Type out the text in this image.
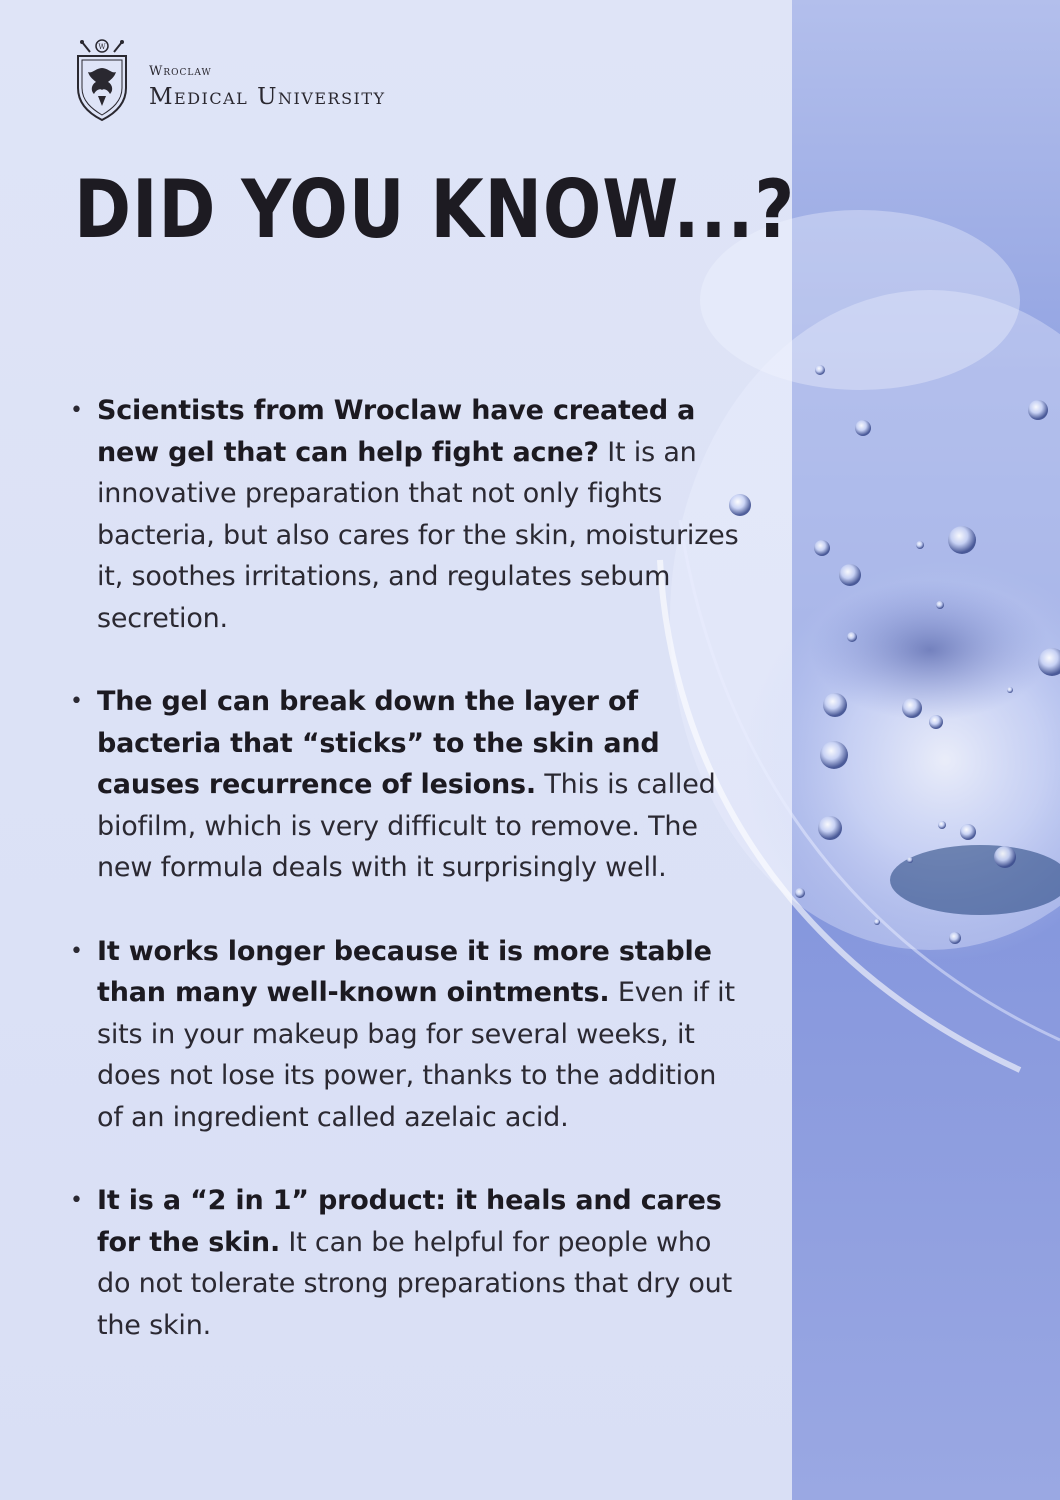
W
Wroclaw
Medical University
DID YOU KNOW...?
• Scientists from Wroclaw have created a new gel that can help fight acne? It is an innovative preparation that not only fights bacteria, but also cares for the skin, moisturizes it, soothes irritations, and regulates sebum secretion.
• The gel can break down the layer of bacteria that “sticks” to the skin and causes recurrence of lesions. This is called biofilm, which is very difficult to remove. The new formula deals with it surprisingly well.
• It works longer because it is more stable than many well-known ointments. Even if it sits in your makeup bag for several weeks, it does not lose its power, thanks to the addition of an ingredient called azelaic acid.
• It is a “2 in 1” product: it heals and cares for the skin. It can be helpful for people who do not tolerate strong preparations that dry out the skin.
